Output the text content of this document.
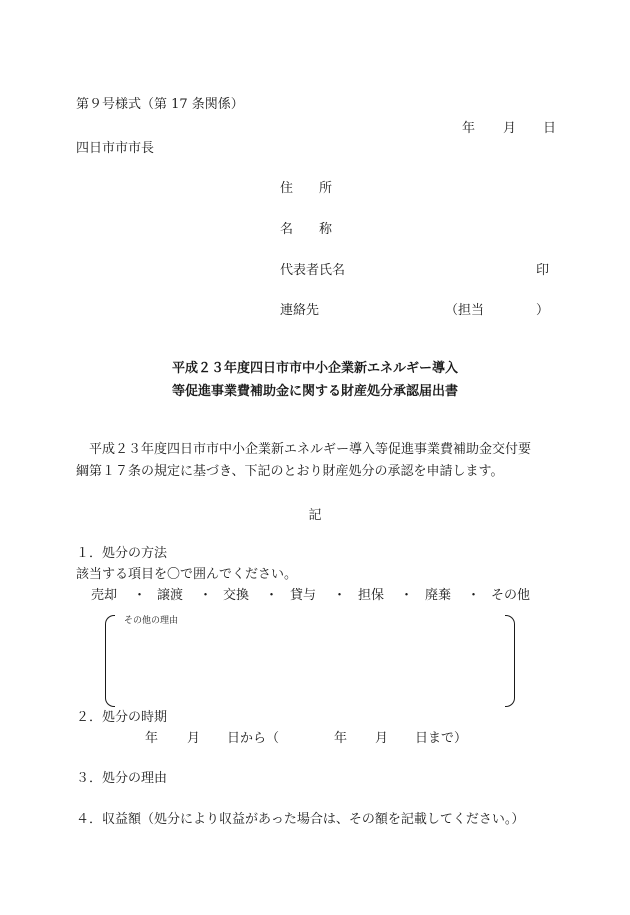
第９号様式（第 17 条関係）
年 月 日
四日市市市長
住　　所
名　　称
代表者氏名	印
連絡先	（担当	）
平成２３年度四日市市中小企業新エネルギー導入
等促進事業費補助金に関する財産処分承認届出書
平成２３年度四日市市中小企業新エネルギー導入等促進事業費補助金交付要
綱第１７条の規定に基づき、下記のとおり財産処分の承認を申請します。
記
１．処分の方法
該当する項目を〇で囲んでください。
売却 ・ 譲渡 ・ 交換 ・ 貸与 ・ 担保 ・ 廃棄 ・ その他
その他の理由
２．処分の時期
年 月 日から（	年 月 日まで）
３．処分の理由
４．収益額（処分により収益があった場合は、その額を記載してください。）
